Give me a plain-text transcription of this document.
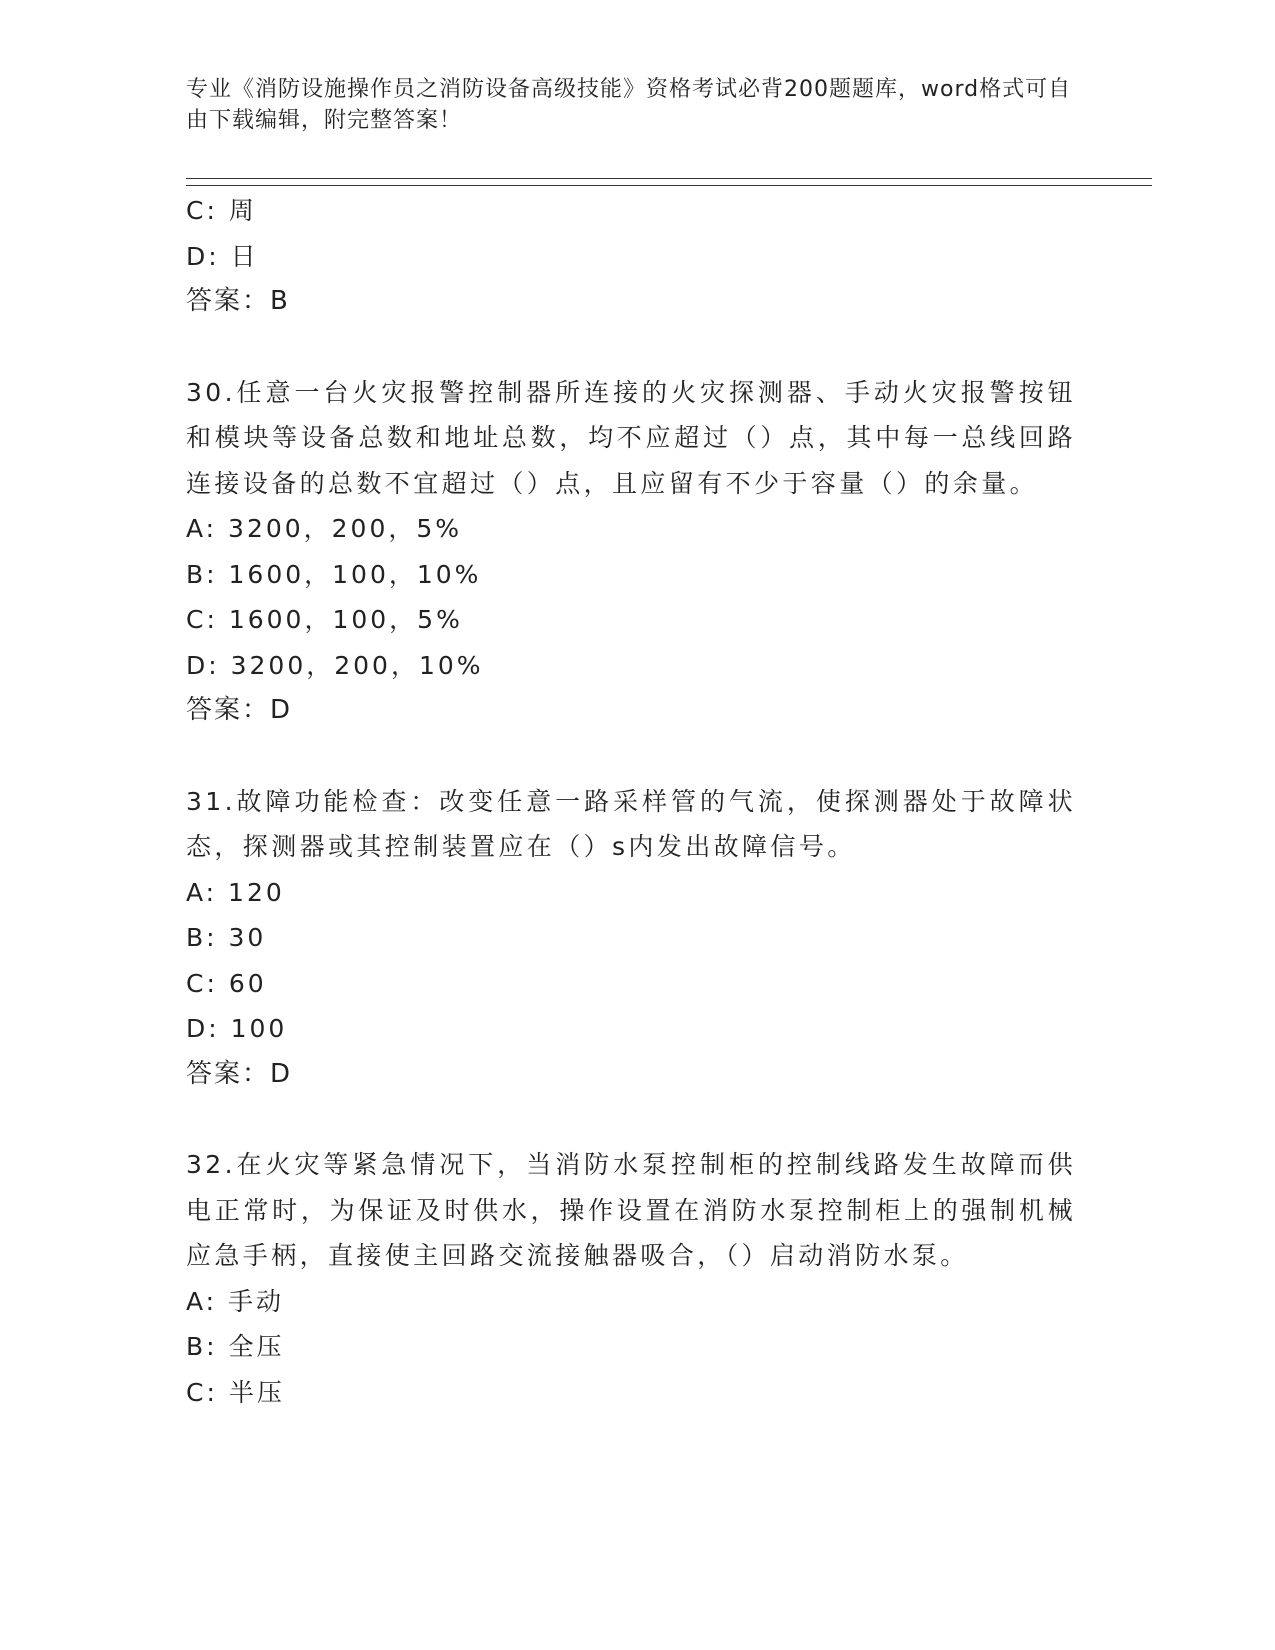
专业《消防设施操作员之消防设备高级技能》资格考试必背200题题库，word格式可自由下载编辑，附完整答案！
C: 周
D: 日
答案：B
30.任意一台火灾报警控制器所连接的火灾探测器、手动火灾报警按钮和模块等设备总数和地址总数，均不应超过（）点，其中每一总线回路连接设备的总数不宜超过（）点，且应留有不少于容量（）的余量。
A: 3200，200，5%
B: 1600，100，10%
C: 1600，100，5%
D: 3200，200，10%
答案：D
31.故障功能检查：改变任意一路采样管的气流，使探测器处于故障状态，探测器或其控制装置应在（）s内发出故障信号。
A: 120
B: 30
C: 60
D: 100
答案：D
32.在火灾等紧急情况下，当消防水泵控制柜的控制线路发生故障而供电正常时，为保证及时供水，操作设置在消防水泵控制柜上的强制机械应急手柄，直接使主回路交流接触器吸合，（）启动消防水泵。
A: 手动
B: 全压
C: 半压
